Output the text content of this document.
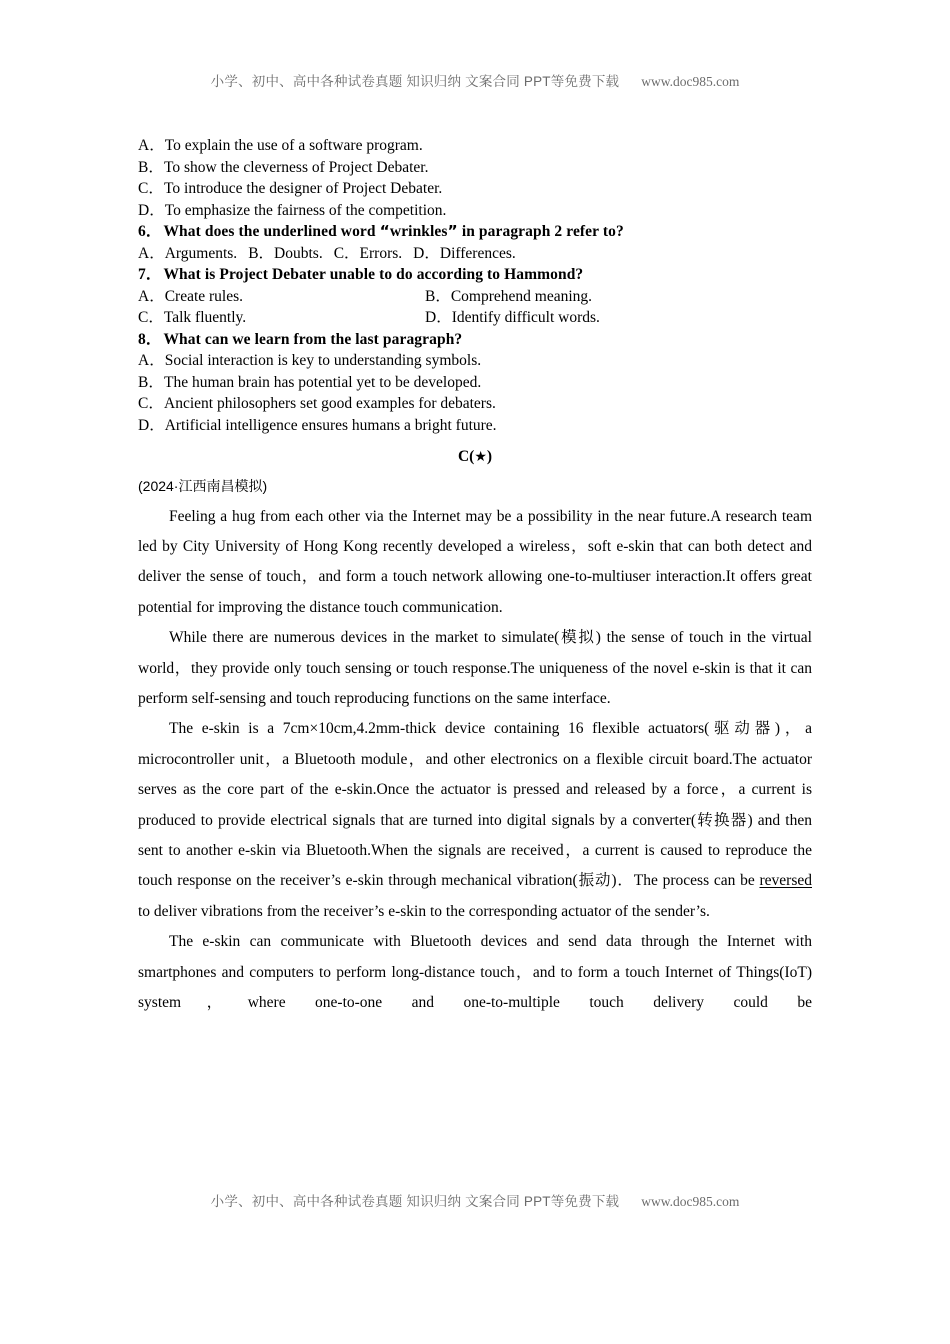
小学、初中、高中各种试卷真题 知识归纳 文案合同 PPT等免费下载 www.doc985.com
A．To explain the use of a software program.
B．To show the cleverness of Project Debater.
C．To introduce the designer of Project Debater.
D．To emphasize the fairness of the competition.

6． What does the underlined word “wrinkles” in paragraph 2 refer to?

A．Arguments. B．Doubts. C．Errors. D．Differences.

7． What is Project Debater unable to do according to Hammond?

A．Create rules.	B．Comprehend meaning.
C．Talk fluently.	D．Identify difficult words.

8． What can we learn from the last paragraph?

A．Social interaction is key to understanding symbols.
B．The human brain has potential yet to be developed.
C．Ancient philosophers set good examples for debaters.
D．Artificial intelligence ensures humans a bright future.
C(★)
(2024·江西南昌模拟)

Feeling a hug from each other via the Internet may be a possibility in the near future.A research team led by City University of Hong Kong recently developed a wireless，soft e-skin that can both detect and deliver the sense of touch，and form a touch network allowing one-to-multiuser interaction.It offers great potential for improving the distance touch communication.

While there are numerous devices in the market to simulate(模拟) the sense of touch in the virtual world，they provide only touch sensing or touch response.The uniqueness of the novel e-skin is that it can perform self-sensing and touch reproducing functions on the same interface.

The e-skin is a 7cm×10cm,4.2mm-thick device containing 16 flexible actuators(驱动器)，a microcontroller unit，a Bluetooth module，and other electronics on a flexible circuit board.The actuator serves as the core part of the e-skin.Once the actuator is pressed and released by a force，a current is produced to provide electrical signals that are turned into digital signals by a converter(转换器) and then sent to another e-skin via Bluetooth.When the signals are received，a current is caused to reproduce the touch response on the receiver’s e-skin through mechanical vibration(振动)．The process can be reversed to deliver vibrations from the receiver’s e-skin to the corresponding actuator of the sender’s.

The e-skin can communicate with Bluetooth devices and send data through the Internet with smartphones and computers to perform long-distance touch，and to form a touch Internet of Things(IoT) system，where one-to-one and one-to-multiple touch delivery could be

小学、初中、高中各种试卷真题 知识归纳 文案合同 PPT等免费下载 www.doc985.com
